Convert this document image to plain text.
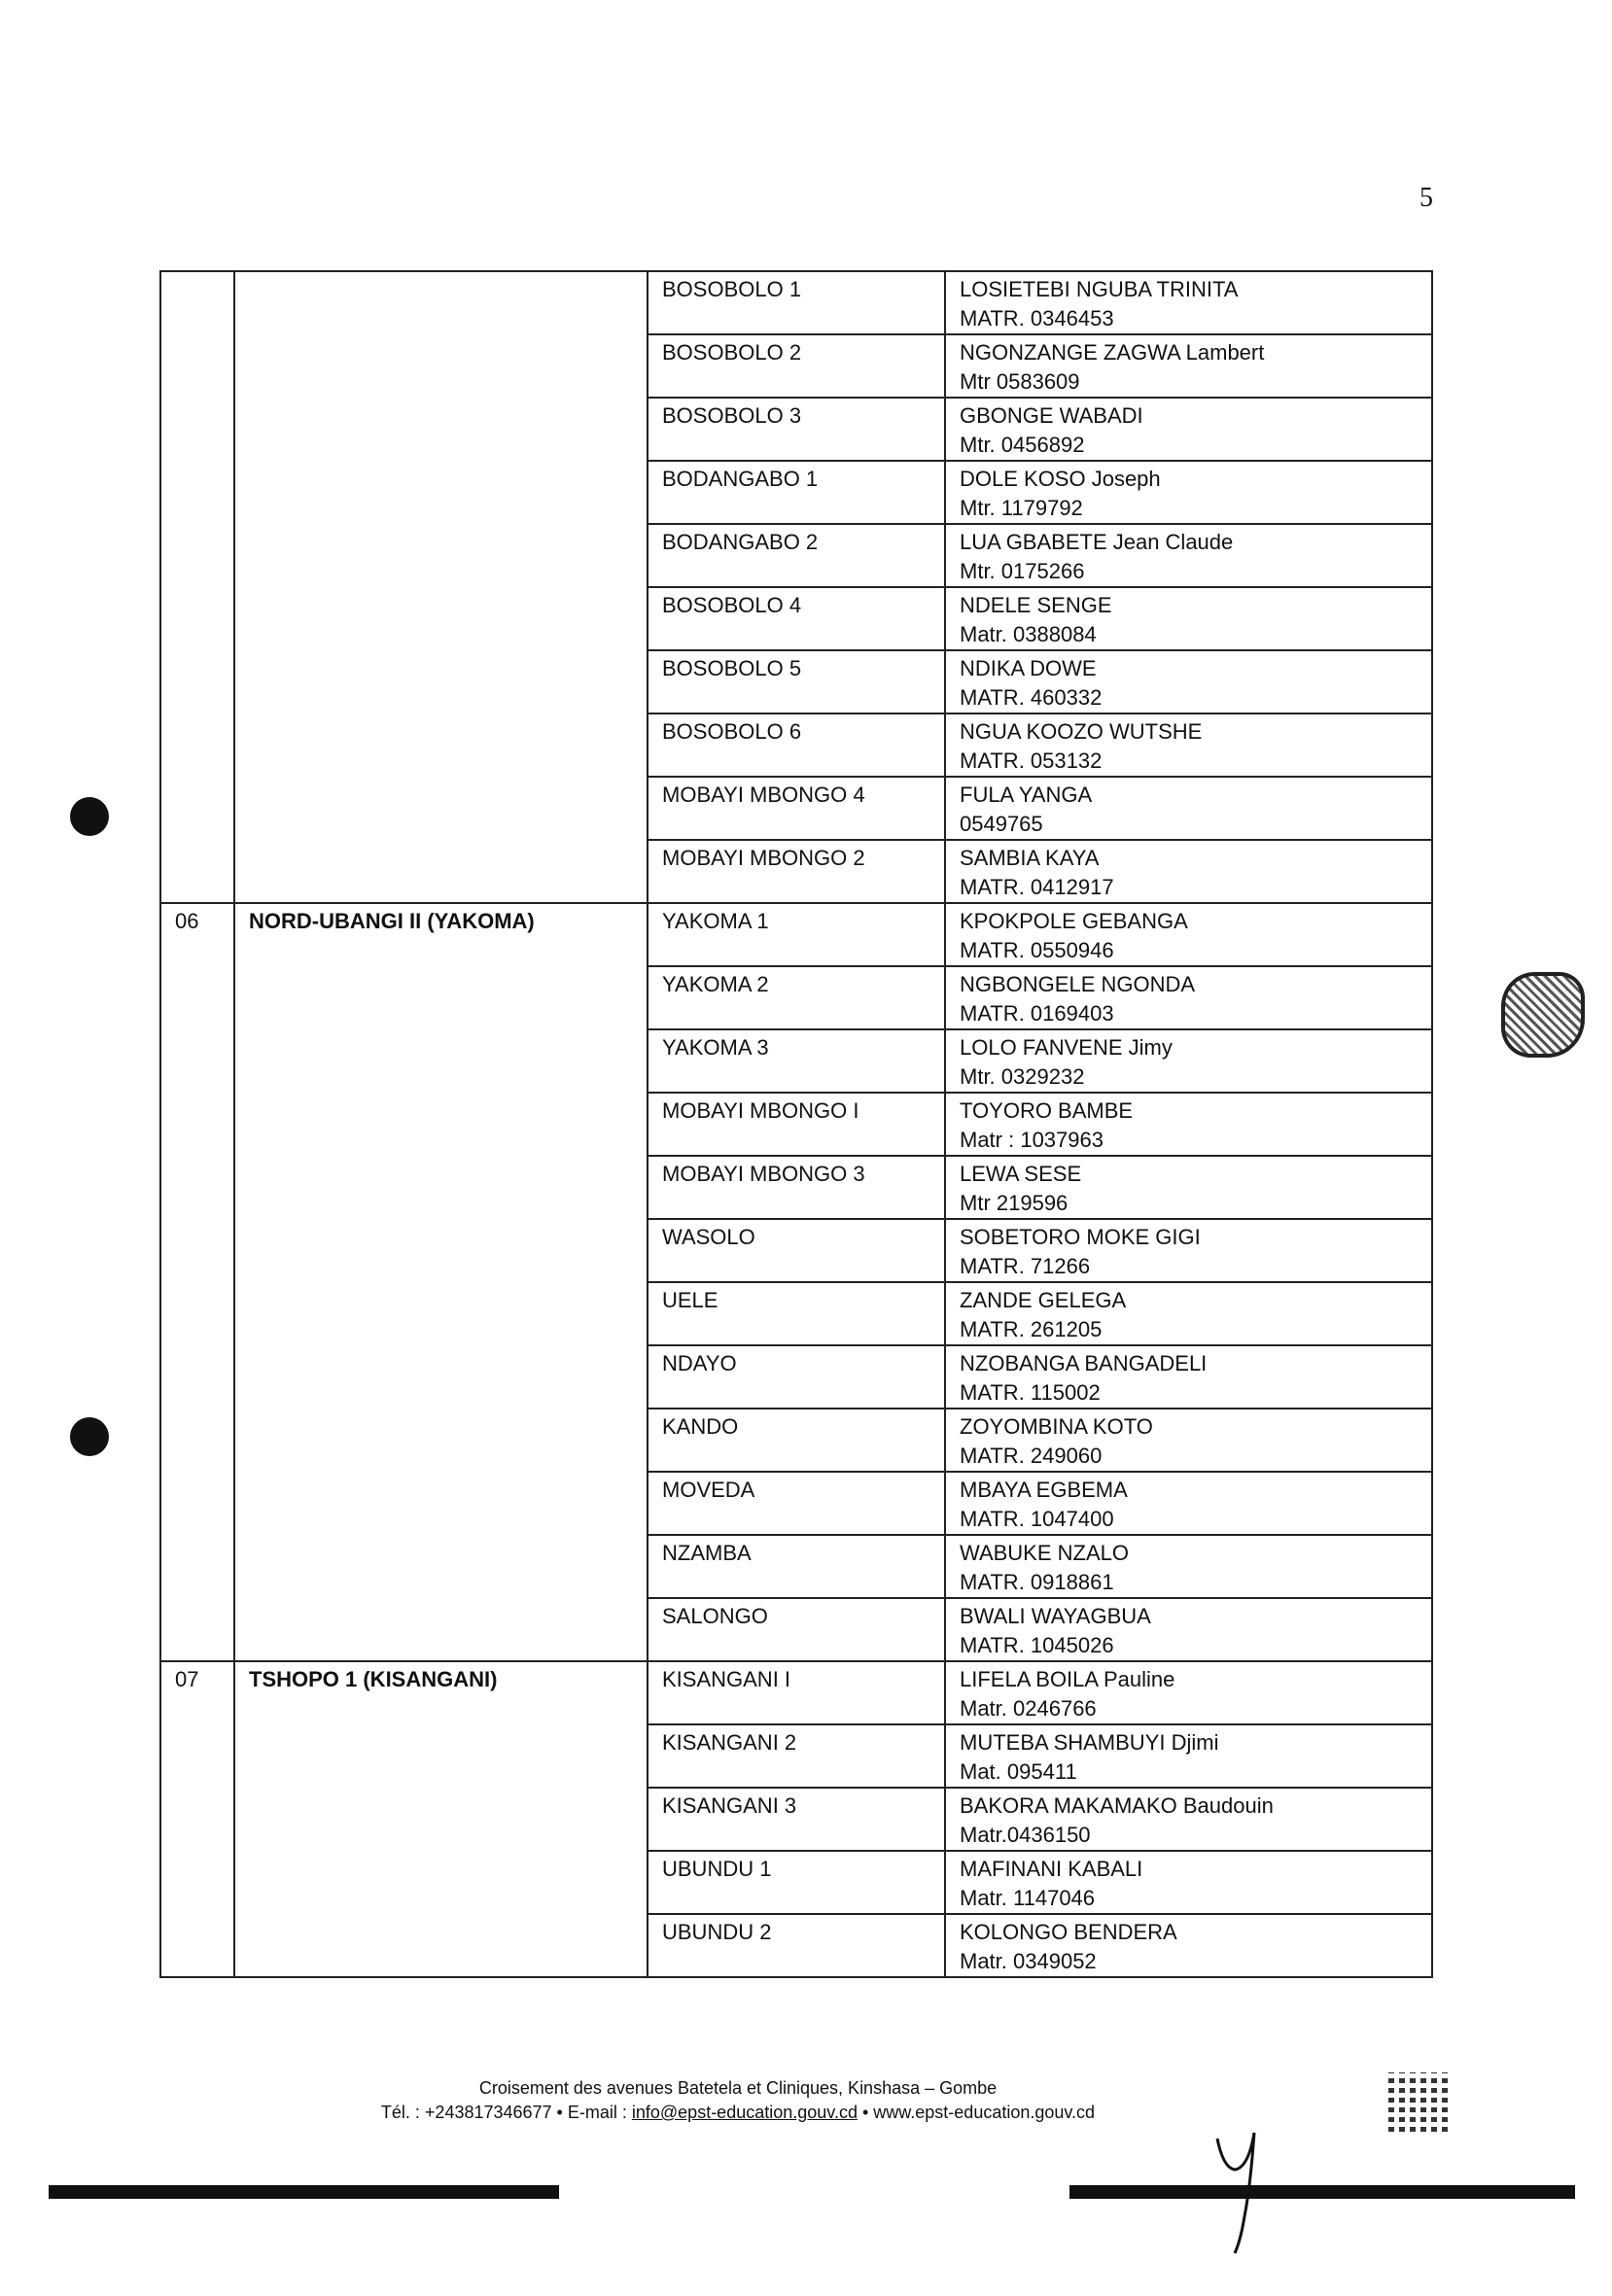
5

		BOSOBOLO 1	LOSIETEBI NGUBA TRINITA
MATR. 0346453

		BOSOBOLO 2	NGONZANGE ZAGWA Lambert
Mtr 0583609

		BOSOBOLO 3	GBONGE WABADI
Mtr. 0456892

		BODANGABO 1	DOLE KOSO Joseph
Mtr. 1179792

		BODANGABO 2	LUA GBABETE Jean Claude
Mtr. 0175266

		BOSOBOLO 4	NDELE SENGE
Matr. 0388084

		BOSOBOLO 5	NDIKA DOWE
MATR. 460332

		BOSOBOLO 6	NGUA KOOZO WUTSHE
MATR. 053132

		MOBAYI MBONGO 4	FULA YANGA
0549765

		MOBAYI MBONGO 2	SAMBIA KAYA
MATR. 0412917

06	NORD-UBANGI II (YAKOMA)	YAKOMA 1	KPOKPOLE GEBANGA
MATR. 0550946

		YAKOMA 2	NGBONGELE NGONDA
MATR. 0169403

		YAKOMA 3	LOLO FANVENE Jimy
Mtr. 0329232

		MOBAYI MBONGO I	TOYORO BAMBE
Matr : 1037963

		MOBAYI MBONGO 3	LEWA SESE
Mtr 219596

		WASOLO	SOBETORO MOKE GIGI
MATR. 71266

		UELE	ZANDE GELEGA
MATR. 261205

		NDAYO	NZOBANGA BANGADELI
MATR. 115002

		KANDO	ZOYOMBINA KOTO
MATR. 249060

		MOVEDA	MBAYA EGBEMA
MATR. 1047400

		NZAMBA	WABUKE NZALO
MATR. 0918861

		SALONGO	BWALI WAYAGBUA
MATR. 1045026

07	TSHOPO 1 (KISANGANI)	KISANGANI I	LIFELA BOILA Pauline
Matr. 0246766

		KISANGANI 2	MUTEBA SHAMBUYI Djimi
Mat. 095411

		KISANGANI 3	BAKORA MAKAMAKO Baudouin
Matr.0436150

		UBUNDU 1	MAFINANI KABALI
Matr. 1147046

		UBUNDU 2	KOLONGO BENDERA
Matr. 0349052
Croisement des avenues Batetela et Cliniques, Kinshasa – Gombe
Tél. : +243817346677 • E-mail : info@epst-education.gouv.cd • www.epst-education.gouv.cd
